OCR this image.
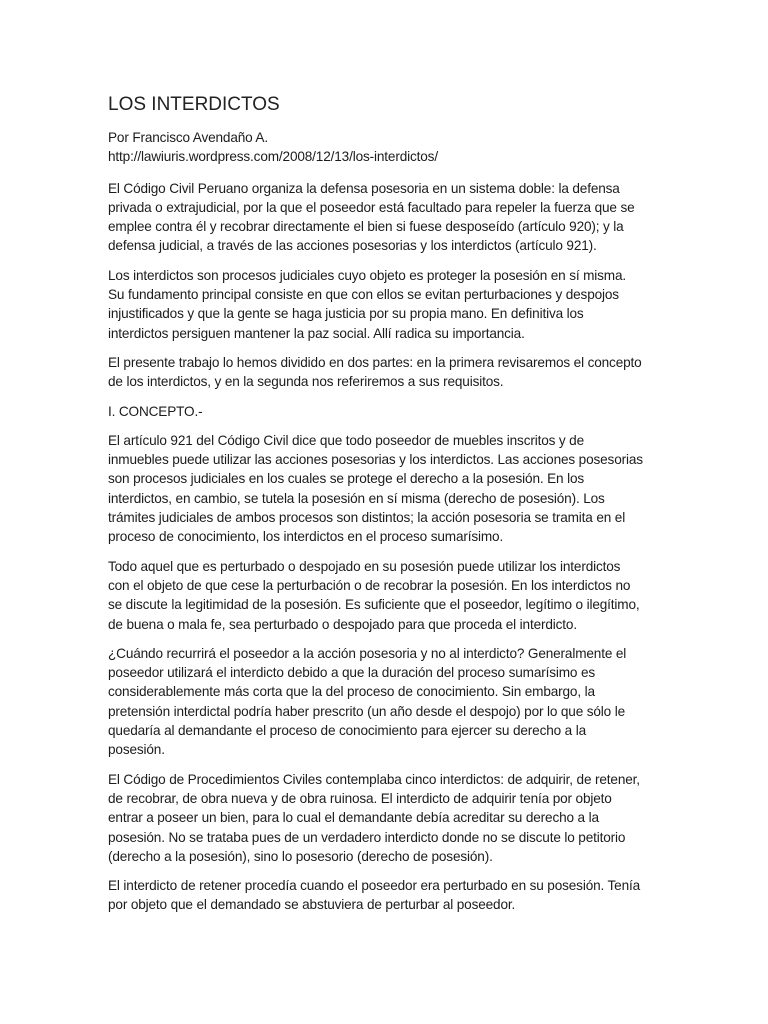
LOS INTERDICTOS

Por Francisco Avendaño A.

http://lawiuris.wordpress.com/2008/12/13/los-interdictos/

El Código Civil Peruano organiza la defensa posesoria en un sistema doble: la defensa privada o extrajudicial, por la que el poseedor está facultado para repeler la fuerza que se emplee contra él y recobrar directamente el bien si fuese desposeído (artículo 920); y la defensa judicial, a través de las acciones posesorias y los interdictos (artículo 921).

Los interdictos son procesos judiciales cuyo objeto es proteger la posesión en sí misma. Su fundamento principal consiste en que con ellos se evitan perturbaciones y despojos injustificados y que la gente se haga justicia por su propia mano. En definitiva los interdictos persiguen mantener la paz social. Allí radica su importancia.

El presente trabajo lo hemos dividido en dos partes: en la primera revisaremos el concepto de los interdictos, y en la segunda nos referiremos a sus requisitos.

I. CONCEPTO.-

El artículo 921 del Código Civil dice que todo poseedor de muebles inscritos y de inmuebles puede utilizar las acciones posesorias y los interdictos. Las acciones posesorias son procesos judiciales en los cuales se protege el derecho a la posesión. En los interdictos, en cambio, se tutela la posesión en sí misma (derecho de posesión). Los trámites judiciales de ambos procesos son distintos; la acción posesoria se tramita en el proceso de conocimiento, los interdictos en el proceso sumarísimo.

Todo aquel que es perturbado o despojado en su posesión puede utilizar los interdictos con el objeto de que cese la perturbación o de recobrar la posesión. En los interdictos no se discute la legitimidad de la posesión. Es suficiente que el poseedor, legítimo o ilegítimo, de buena o mala fe, sea perturbado o despojado para que proceda el interdicto.

¿Cuándo recurrirá el poseedor a la acción posesoria y no al interdicto? Generalmente el poseedor utilizará el interdicto debido a que la duración del proceso sumarísimo es considerablemente más corta que la del proceso de conocimiento. Sin embargo, la pretensión interdictal podría haber prescrito (un año desde el despojo) por lo que sólo le quedaría al demandante el proceso de conocimiento para ejercer su derecho a la posesión.

El Código de Procedimientos Civiles contemplaba cinco interdictos: de adquirir, de retener, de recobrar, de obra nueva y de obra ruinosa. El interdicto de adquirir tenía por objeto entrar a poseer un bien, para lo cual el demandante debía acreditar su derecho a la posesión. No se trataba pues de un verdadero interdicto donde no se discute lo petitorio (derecho a la posesión), sino lo posesorio (derecho de posesión).

El interdicto de retener procedía cuando el poseedor era perturbado en su posesión. Tenía por objeto que el demandado se abstuviera de perturbar al poseedor.
